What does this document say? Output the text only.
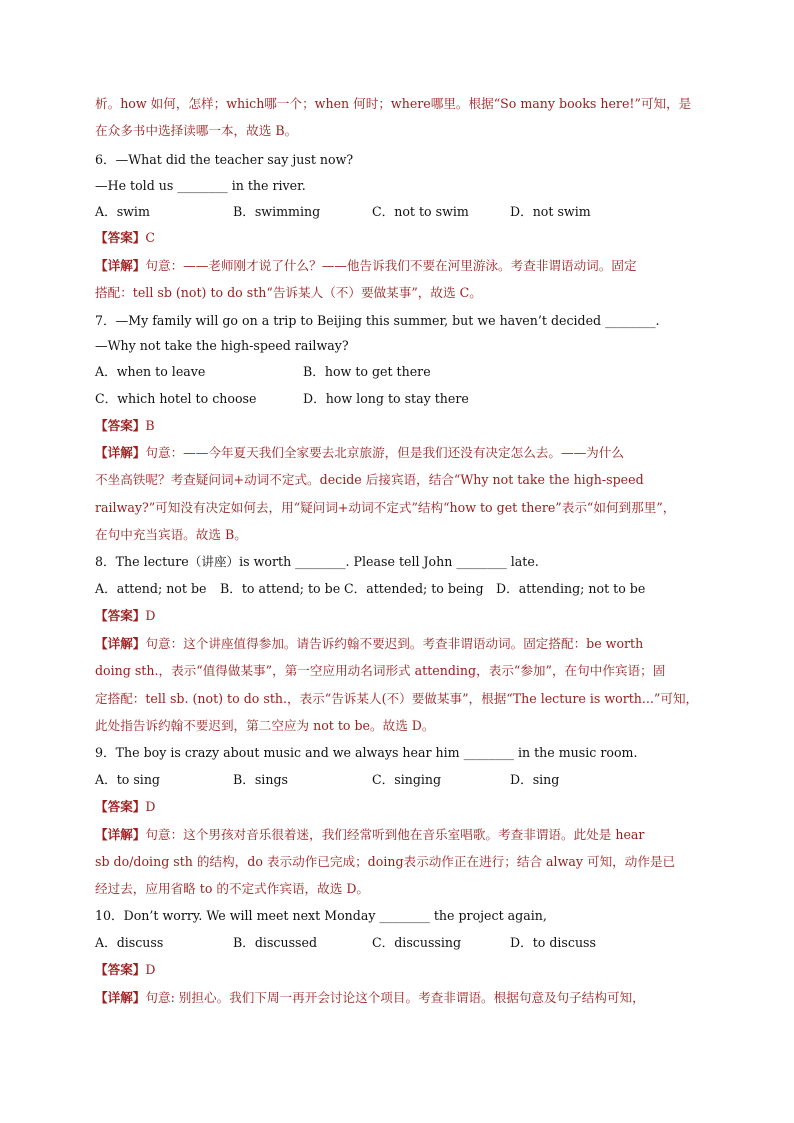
析。how 如何，怎样；which哪一个；when 何时；where哪里。根据“So many books here!”可知，是
在众多书中选择读哪一本，故选 B。
6．—What did the teacher say just now?
—He told us ________ in the river.
A．swim	B．swimming	C．not to swim	D．not swim
【答案】C
【详解】句意：——老师刚才说了什么？——他告诉我们不要在河里游泳。考查非谓语动词。固定
搭配：tell sb (not) to do sth“告诉某人（不）要做某事”，故选 C。
7．—My family will go on a trip to Beijing this summer, but we haven’t decided ________.
—Why not take the high-speed railway?
A．when to leave	B．how to get there
C．which hotel to choose	D．how long to stay there
【答案】B
【详解】句意：——今年夏天我们全家要去北京旅游，但是我们还没有决定怎么去。——为什么
不坐高铁呢？考查疑问词+动词不定式。decide 后接宾语，结合“Why not take the high-speed
railway?”可知没有决定如何去，用“疑问词+动词不定式”结构“how to get there”表示“如何到那里”，
在句中充当宾语。故选 B。
8．The lecture（讲座）is worth ________. Please tell John ________ late.
A．attend; not be B．to attend; to be C．attended; to being D．attending; not to be
【答案】D
【详解】句意：这个讲座值得参加。请告诉约翰不要迟到。考查非谓语动词。固定搭配：be worth
doing sth.，表示“值得做某事”，第一空应用动名词形式 attending，表示“参加”，在句中作宾语；固
定搭配：tell sb. (not) to do sth.，表示“告诉某人(不）要做某事”，根据“The lecture is worth...”可知，
此处指告诉约翰不要迟到，第二空应为 not to be。故选 D。
9．The boy is crazy about music and we always hear him ________ in the music room.
A．to sing	B．sings	C．singing	D．sing
【答案】D
【详解】句意：这个男孩对音乐很着迷，我们经常听到他在音乐室唱歌。考查非谓语。此处是 hear
sb do/doing sth 的结构，do 表示动作已完成；doing表示动作正在进行；结合 alway 可知，动作是已
经过去，应用省略 to 的不定式作宾语，故选 D。
10．Don’t worry. We will meet next Monday ________ the project again,
A．discuss	B．discussed	C．discussing	D．to discuss
【答案】D
【详解】句意: 别担心。我们下周一再开会讨论这个项目。考查非谓语。根据句意及句子结构可知，
